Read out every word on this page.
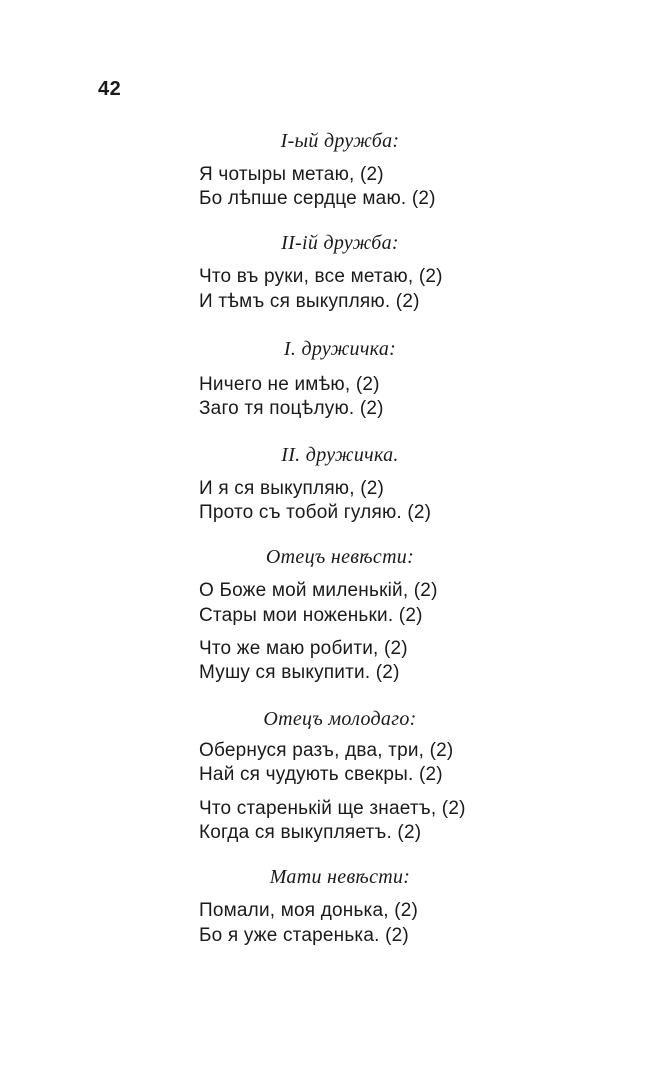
42
I-ый дружба:
Я чотыры метаю, (2)
Бо лѣпше сердце маю. (2)
II-ій дружба:
Что въ руки, все метаю, (2)
И тѣмъ ся выкупляю. (2)
I. дружичка:
Ничего не имѣю, (2)
Заго тя поцѣлую. (2)
II. дружичка.
И я ся выкупляю, (2)
Прото съ тобой гуляю. (2)
Отецъ невѣсти:
О Боже мой миленькій, (2)
Стары мои ноженьки. (2)
Что же маю робити, (2)
Мушу ся выкупити. (2)
Отецъ молодаго:
Обернуся разъ, два, три, (2)
Най ся чудують свекры. (2)
Что старенькій ще знаетъ, (2)
Когда ся выкупляетъ. (2)
Мати невѣсти:
Помали, моя донька, (2)
Бо я уже старенька. (2)
